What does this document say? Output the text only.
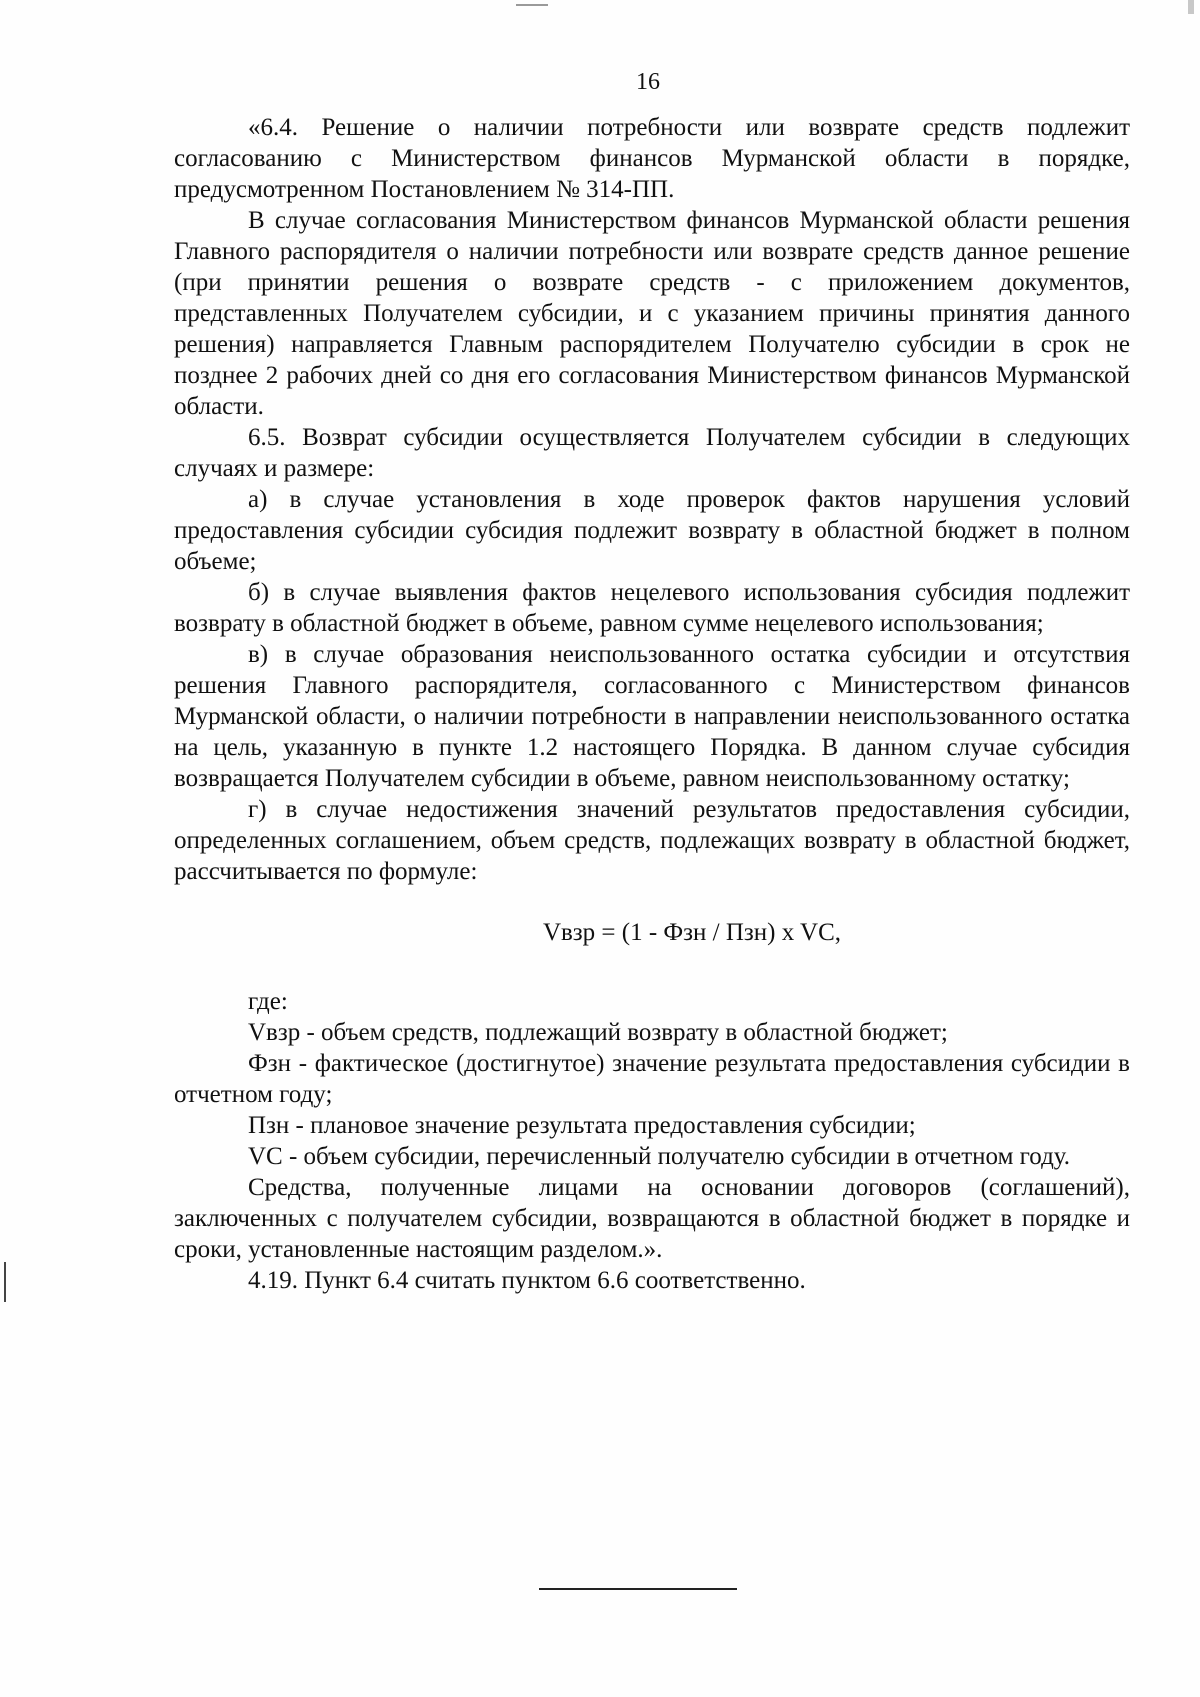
16

«6.4. Решение о наличии потребности или возврате средств подлежит согласованию с Министерством финансов Мурманской области в порядке, предусмотренном Постановлением № 314-ПП.

В случае согласования Министерством финансов Мурманской области решения Главного распорядителя о наличии потребности или возврате средств данное решение (при принятии решения о возврате средств - с приложением документов, представленных Получателем субсидии, и с указанием причины принятия данного решения) направляется Главным распорядителем Получателю субсидии в срок не позднее 2 рабочих дней со дня его согласования Министерством финансов Мурманской области.

6.5. Возврат субсидии осуществляется Получателем субсидии в следующих случаях и размере:

а) в случае установления в ходе проверок фактов нарушения условий предоставления субсидии субсидия подлежит возврату в областной бюджет в полном объеме;

б) в случае выявления фактов нецелевого использования субсидия подлежит возврату в областной бюджет в объеме, равном сумме нецелевого использования;

в) в случае образования неиспользованного остатка субсидии и отсутствия решения Главного распорядителя, согласованного с Министерством финансов Мурманской области, о наличии потребности в направлении неиспользованного остатка на цель, указанную в пункте 1.2 настоящего Порядка. В данном случае субсидия возвращается Получателем субсидии в объеме, равном неиспользованному остатку;

г) в случае недостижения значений результатов предоставления субсидии, определенных соглашением, объем средств, подлежащих возврату в областной бюджет, рассчитывается по формуле:

Vвзр = (1 - Фзн / Пзн) x VC,

где:

Vвзр - объем средств, подлежащий возврату в областной бюджет;

Фзн - фактическое (достигнутое) значение результата предоставления субсидии в отчетном году;

Пзн - плановое значение результата предоставления субсидии;

VC - объем субсидии, перечисленный получателю субсидии в отчетном году.

Средства, полученные лицами на основании договоров (соглашений), заключенных с получателем субсидии, возвращаются в областной бюджет в порядке и сроки, установленные настоящим разделом.».

4.19. Пункт 6.4 считать пунктом 6.6 соответственно.
